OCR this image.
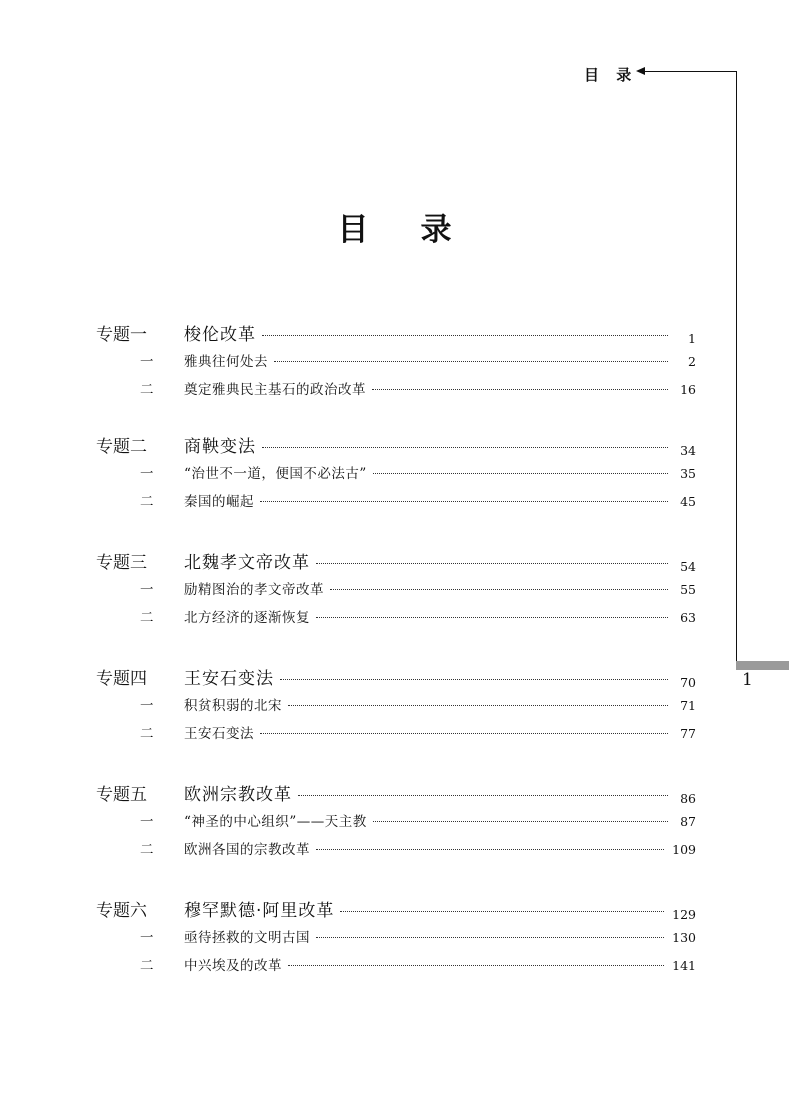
目 录
1
目 录
专题一	梭伦改革	1
一	雅典往何处去	2
二	奠定雅典民主基石的政治改革	16
专题二	商鞅变法	34
一	“治世不一道，便国不必法古”	35
二	秦国的崛起	45
专题三	北魏孝文帝改革	54
一	励精图治的孝文帝改革	55
二	北方经济的逐渐恢复	63
专题四	王安石变法	70
一	积贫积弱的北宋	71
二	王安石变法	77
专题五	欧洲宗教改革	86
一	“神圣的中心组织”——天主教	87
二	欧洲各国的宗教改革	109
专题六	穆罕默德·阿里改革	129
一	亟待拯救的文明古国	130
二	中兴埃及的改革	141
